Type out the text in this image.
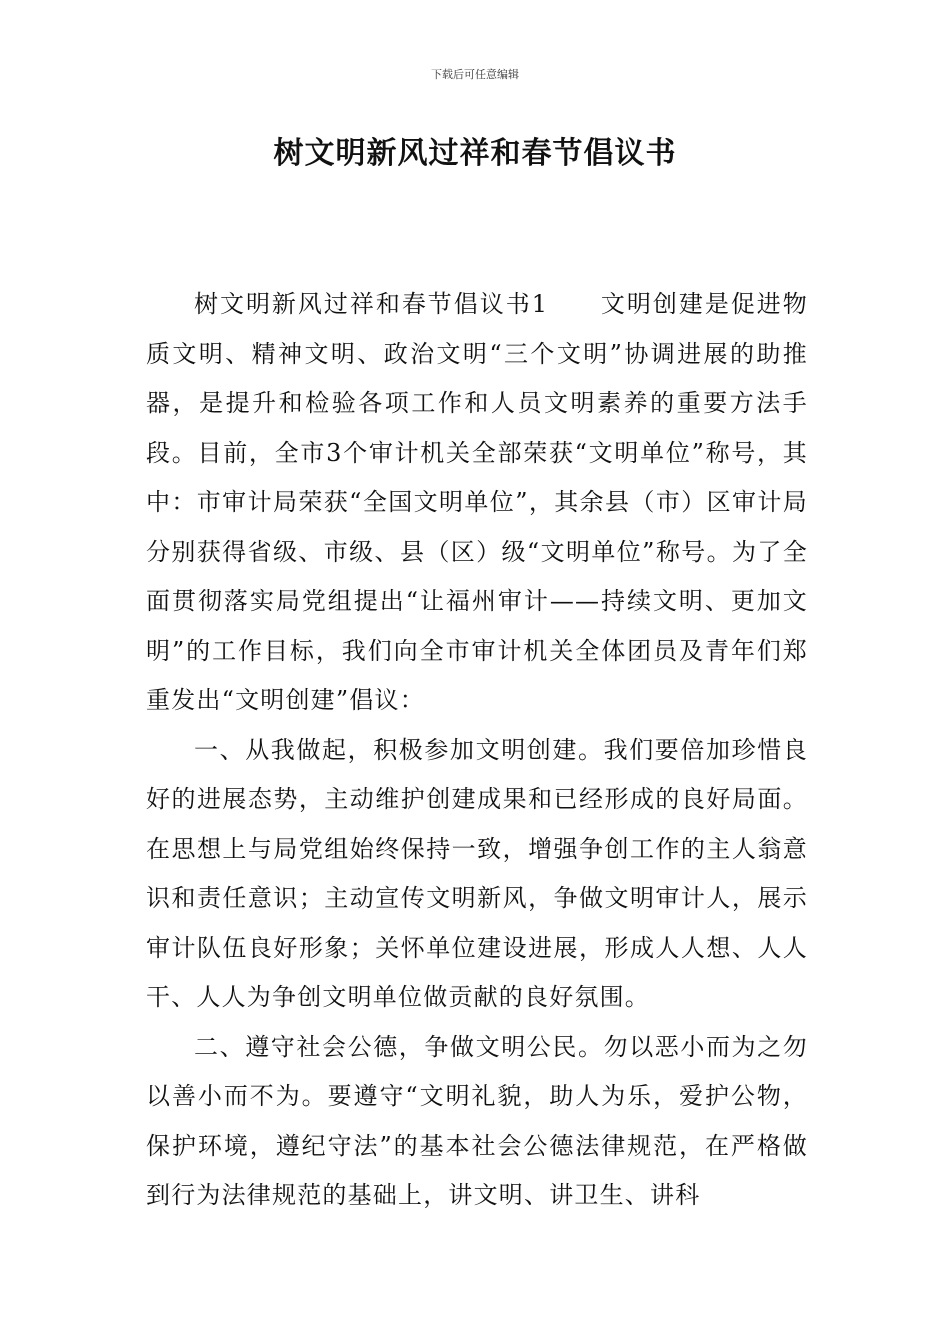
下载后可任意编辑
树文明新风过祥和春节倡议书

树文明新风过祥和春节倡议书1　　文明创建是促进物质文明、精神文明、政治文明“三个文明”协调进展的助推器，是提升和检验各项工作和人员文明素养的重要方法手段。目前，全市3个审计机关全部荣获“文明单位”称号，其中：市审计局荣获“全国文明单位”，其余县（市）区审计局分别获得省级、市级、县（区）级“文明单位”称号。为了全面贯彻落实局党组提出“让福州审计——持续文明、更加文明”的工作目标，我们向全市审计机关全体团员及青年们郑重发出“文明创建”倡议：

一、从我做起，积极参加文明创建。我们要倍加珍惜良好的进展态势，主动维护创建成果和已经形成的良好局面。在思想上与局党组始终保持一致，增强争创工作的主人翁意识和责任意识；主动宣传文明新风，争做文明审计人，展示审计队伍良好形象；关怀单位建设进展，形成人人想、人人干、人人为争创文明单位做贡献的良好氛围。

二、遵守社会公德，争做文明公民。勿以恶小而为之勿以善小而不为。要遵守“文明礼貌，助人为乐，爱护公物，保护环境，遵纪守法”的基本社会公德法律规范，在严格做到行为法律规范的基础上，讲文明、讲卫生、讲科
